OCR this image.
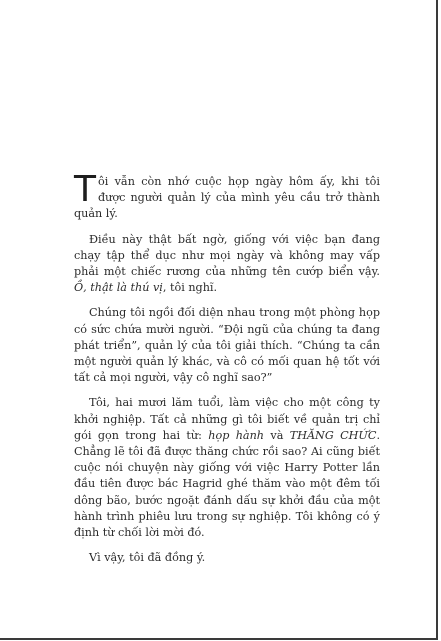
Tôi vẫn còn nhớ cuộc họp ngày hôm ấy, khi tôi được người quản lý của mình yêu cầu trở thành quản lý.

Điều này thật bất ngờ, giống với việc bạn đang chạy tập thể dục như mọi ngày và không may vấp phải một chiếc rương của những tên cướp biển vậy. Ồ, thật là thú vị, tôi nghĩ.

Chúng tôi ngồi đối diện nhau trong một phòng họp có sức chứa mười người. “Đội ngũ của chúng ta đang phát triển”, quản lý của tôi giải thích. “Chúng ta cần một người quản lý khác, và cô có mối quan hệ tốt với tất cả mọi người, vậy cô nghĩ sao?”

Tôi, hai mươi lăm tuổi, làm việc cho một công ty khởi nghiệp. Tất cả những gì tôi biết về quản trị chỉ gói gọn trong hai từ: họp hành và THĂNG CHỨC. Chẳng lẽ tôi đã được thăng chức rồi sao? Ai cũng biết cuộc nói chuyện này giống với việc Harry Potter lần đầu tiên được bác Hagrid ghé thăm vào một đêm tối dông bão, bước ngoặt đánh dấu sự khởi đầu của một hành trình phiêu lưu trong sự nghiệp. Tôi không có ý định từ chối lời mời đó.

Vì vậy, tôi đã đồng ý.
